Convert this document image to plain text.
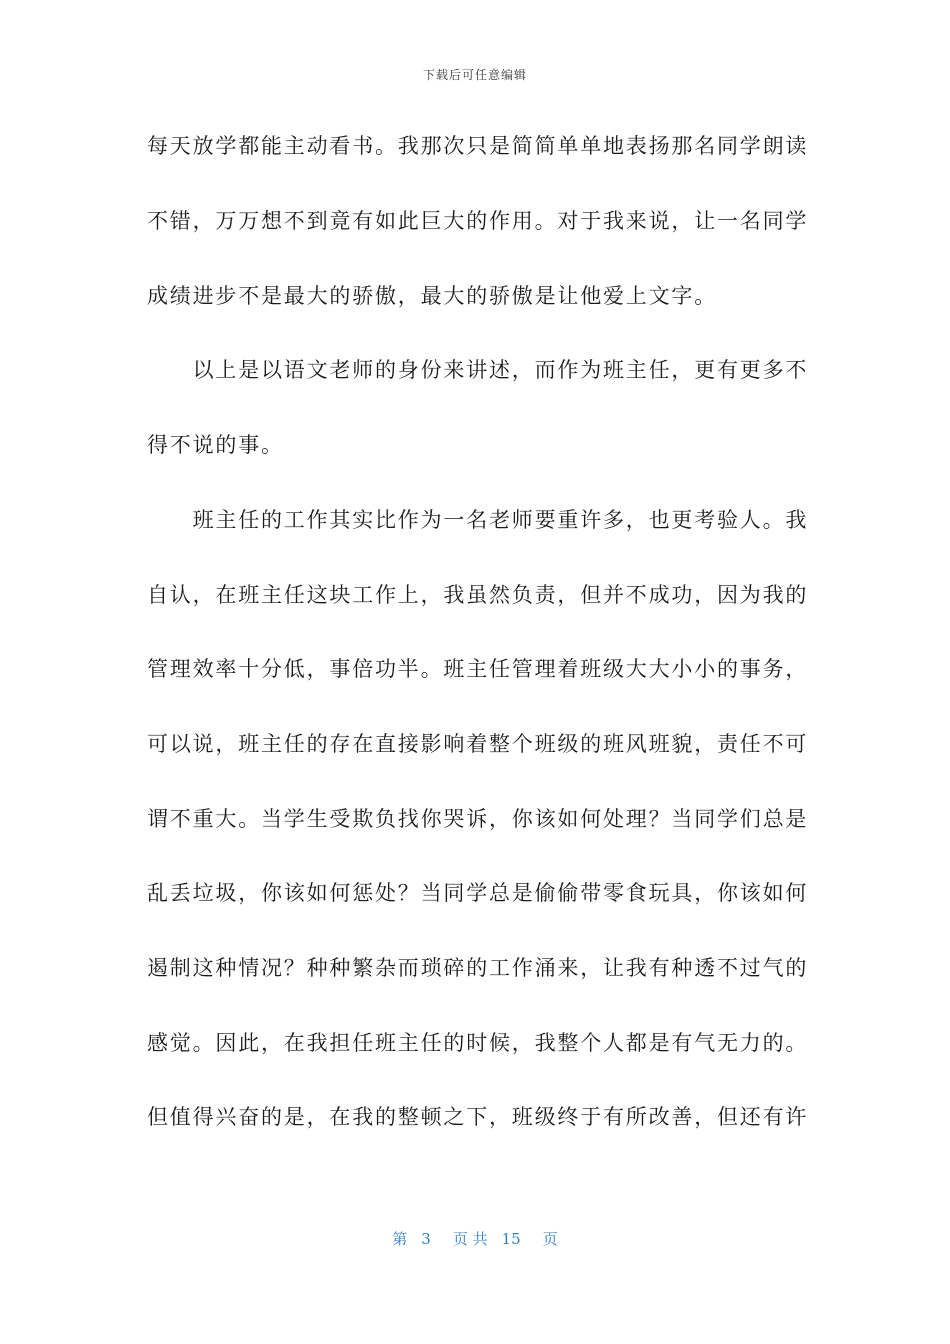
下载后可任意编辑
每天放学都能主动看书。我那次只是简简单单地表扬那名同学朗读
不错，万万想不到竟有如此巨大的作用。对于我来说，让一名同学
成绩进步不是最大的骄傲，最大的骄傲是让他爱上文字。
　　以上是以语文老师的身份来讲述，而作为班主任，更有更多不
得不说的事。
　　班主任的工作其实比作为一名老师要重许多，也更考验人。我
自认，在班主任这块工作上，我虽然负责，但并不成功，因为我的
管理效率十分低，事倍功半。班主任管理着班级大大小小的事务，
可以说，班主任的存在直接影响着整个班级的班风班貌，责任不可
谓不重大。当学生受欺负找你哭诉，你该如何处理？当同学们总是
乱丢垃圾，你该如何惩处？当同学总是偷偷带零食玩具，你该如何
遏制这种情况？种种繁杂而琐碎的工作涌来，让我有种透不过气的
感觉。因此，在我担任班主任的时候，我整个人都是有气无力的。
但值得兴奋的是，在我的整顿之下，班级终于有所改善，但还有许
第 3 页 共 15 页
